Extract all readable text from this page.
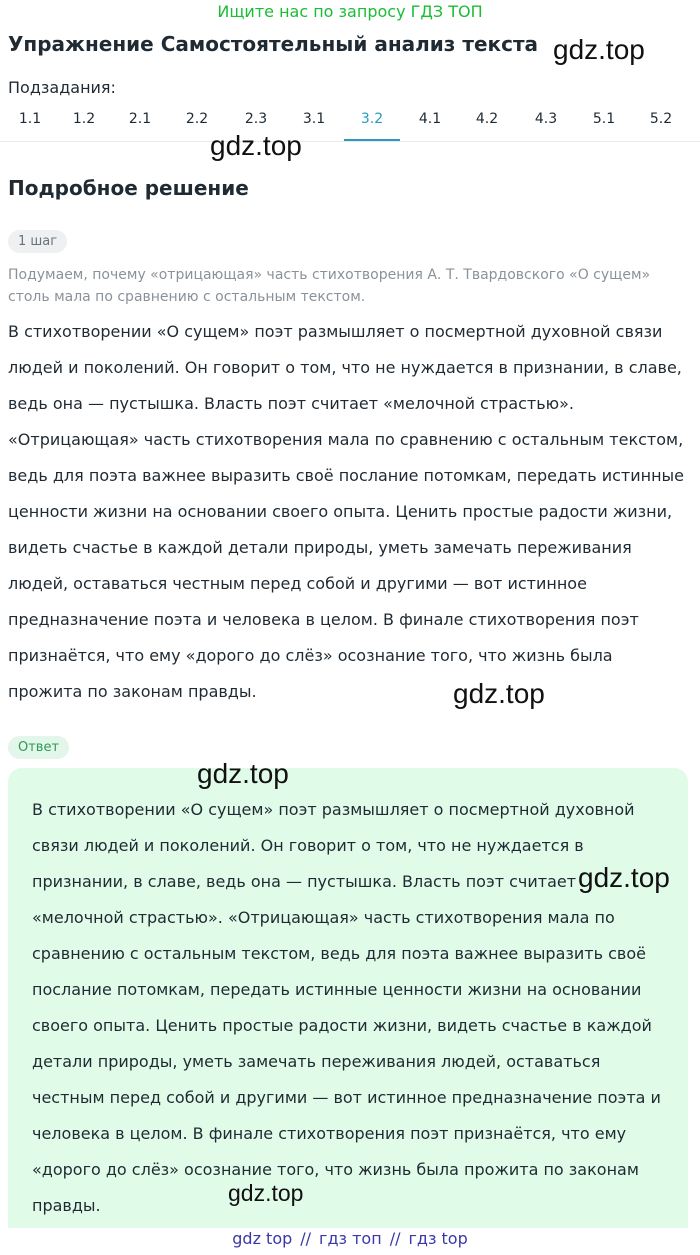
Ищите нас по запросу ГДЗ ТОП
Упражнение Самостоятельный анализ текста
Подзадания:
1.1	1.2	2.1	2.2	2.3	3.1	3.2	4.1	4.2	4.3	5.1	5.2
Подробное решение
1 шаг

Подумаем, почему «отрицающая» часть стихотворения А. Т. Твардовского «О сущем» столь мала по сравнению с остальным текстом.

В стихотворении «О сущем» поэт размышляет о посмертной духовной связи людей и поколений. Он говорит о том, что не нуждается в признании, в славе, ведь она — пустышка. Власть поэт считает «мелочной страстью». «Отрицающая» часть стихотворения мала по сравнению с остальным текстом, ведь для поэта важнее выразить своё послание потомкам, передать истинные ценности жизни на основании своего опыта. Ценить простые радости жизни, видеть счастье в каждой детали природы, уметь замечать переживания людей, оставаться честным перед собой и другими — вот истинное предназначение поэта и человека в целом. В финале стихотворения поэт признаётся, что ему «дорого до слёз» осознание того, что жизнь была прожита по законам правды.

Ответ

В стихотворении «О сущем» поэт размышляет о посмертной духовной связи людей и поколений. Он говорит о том, что не нуждается в признании, в славе, ведь она — пустышка. Власть поэт считает «мелочной страстью». «Отрицающая» часть стихотворения мала по сравнению с остальным текстом, ведь для поэта важнее выразить своё послание потомкам, передать истинные ценности жизни на основании своего опыта. Ценить простые радости жизни, видеть счастье в каждой детали природы, уметь замечать переживания людей, оставаться честным перед собой и другими — вот истинное предназначение поэта и человека в целом. В финале стихотворения поэт признаётся, что ему «дорого до слёз» осознание того, что жизнь была прожита по законам правды.

gdz.top
gdz.top
gdz.top
gdz.top
gdz.top
gdz.top
gdz top // гдз топ // гдз top
